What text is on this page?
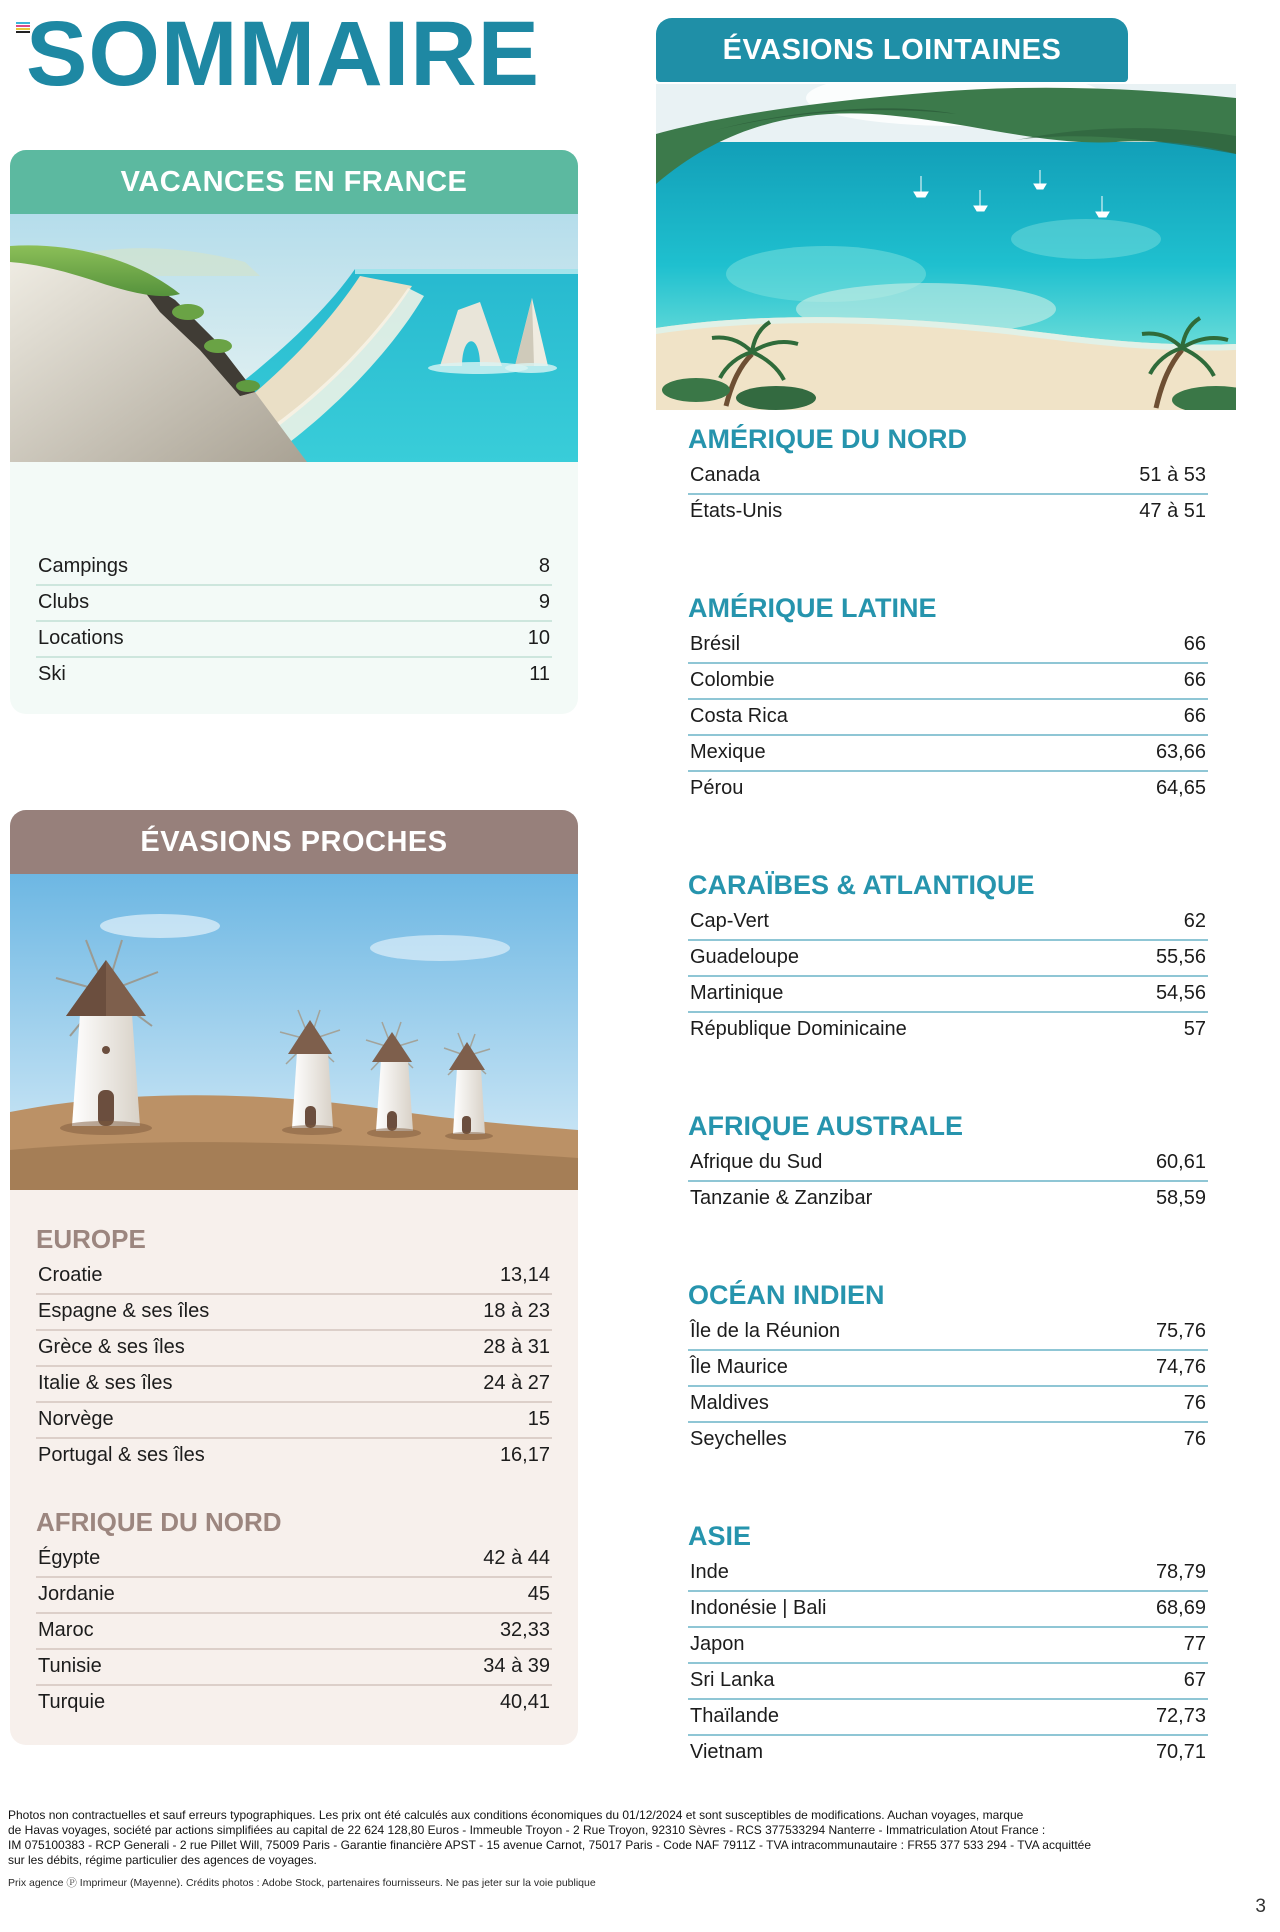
SOMMAIRE
VACANCES EN FRANCE
Campings	8
Clubs	9
Locations	10
Ski	11
ÉVASIONS PROCHES
EUROPE
Croatie	13,14
Espagne & ses îles	18 à 23
Grèce & ses îles	28 à 31
Italie & ses îles	24 à 27
Norvège	15
Portugal & ses îles	16,17
AFRIQUE DU NORD
Égypte	42 à 44
Jordanie	45
Maroc	32,33
Tunisie	34 à 39
Turquie	40,41
ÉVASIONS LOINTAINES
AMÉRIQUE DU NORD
Canada	51 à 53
États-Unis	47 à 51
AMÉRIQUE LATINE
Brésil	66
Colombie	66
Costa Rica	66
Mexique	63,66
Pérou	64,65
CARAÏBES & ATLANTIQUE
Cap-Vert	62
Guadeloupe	55,56
Martinique	54,56
République Dominicaine	57
AFRIQUE AUSTRALE
Afrique du Sud	60,61
Tanzanie & Zanzibar	58,59
OCÉAN INDIEN
Île de la Réunion	75,76
Île Maurice	74,76
Maldives	76
Seychelles	76
ASIE
Inde	78,79
Indonésie | Bali	68,69
Japon	77
Sri Lanka	67
Thaïlande	72,73
Vietnam	70,71
Photos non contractuelles et sauf erreurs typographiques. Les prix ont été calculés aux conditions économiques du 01/12/2024 et sont susceptibles de modifications. Auchan voyages, marque
de Havas voyages, société par actions simplifiées au capital de 22 624 128,80 Euros - Immeuble Troyon - 2 Rue Troyon, 92310 Sèvres - RCS 377533294 Nanterre - Immatriculation Atout France :
IM 075100383 - RCP Generali - 2 rue Pillet Will, 75009 Paris - Garantie financière APST - 15 avenue Carnot, 75017 Paris - Code NAF 7911Z - TVA intracommunautaire : FR55 377 533 294 - TVA acquittée
sur les débits, régime particulier des agences de voyages.
Prix agence Ⓟ Imprimeur (Mayenne). Crédits photos : Adobe Stock, partenaires fournisseurs. Ne pas jeter sur la voie publique
3
